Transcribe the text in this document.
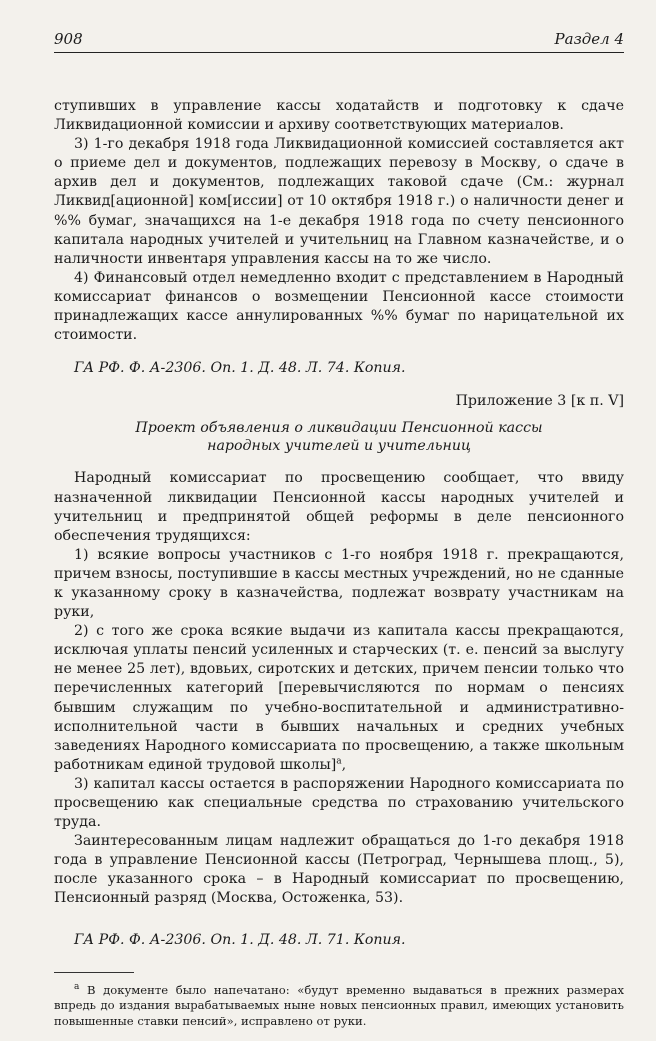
908	Раздел 4

ступивших в управление кассы ходатайств и подготовку к сдаче Ликвидационной комиссии и архиву соответствующих материалов.

3) 1-го декабря 1918 года Ликвидационной комиссией составляется акт о приеме дел и документов, подлежащих перевозу в Москву, о сдаче в архив дел и документов, подлежащих таковой сдаче (См.: журнал Ликвид[ационной] ком[иссии] от 10 октября 1918 г.) о наличности денег и %% бумаг, значащихся на 1-е декабря 1918 года по счету пенсионного капитала народных учителей и учительниц на Главном казначействе, и о наличности инвентаря управления кассы на то же число.

4) Финансовый отдел немедленно входит с представлением в Народный комиссариат финансов о возмещении Пенсионной кассе стоимости принадлежащих кассе аннулированных %% бумаг по нарицательной их стоимости.

ГА РФ. Ф. А-2306. Оп. 1. Д. 48. Л. 74. Копия.

Приложение 3 [к п. V]

Проект объявления о ликвидации Пенсионной кассы
народных учителей и учительниц

Народный комиссариат по просвещению сообщает, что ввиду назначенной ликвидации Пенсионной кассы народных учителей и учительниц и предпринятой общей реформы в деле пенсионного обеспечения трудящихся:

1) всякие вопросы участников с 1-го ноября 1918 г. прекращаются, причем взносы, поступившие в кассы местных учреждений, но не сданные к указанному сроку в казначейства, подлежат возврату участникам на руки,

2) с того же срока всякие выдачи из капитала кассы прекращаются, исключая уплаты пенсий усиленных и старческих (т. е. пенсий за выслугу не менее 25 лет), вдовьих, сиротских и детских, причем пенсии только что перечисленных категорий [перевычисляются по нормам о пенсиях бывшим служащим по учебно-воспитательной и административно-исполнительной части в бывших начальных и средних учебных заведениях Народного комиссариата по просвещению, а также школьным работникам единой трудовой школы]$^а$,

3) капитал кассы остается в распоряжении Народного комиссариата по просвещению как специальные средства по страхованию учительского труда.

Заинтересованным лицам надлежит обращаться до 1-го декабря 1918 года в управление Пенсионной кассы (Петроград, Чернышева площ., 5), после указанного срока – в Народный комиссариат по просвещению, Пенсионный разряд (Москва, Остоженка, 53).

ГА РФ. Ф. А-2306. Оп. 1. Д. 48. Л. 71. Копия.

$^а$ В документе было напечатано: «будут временно выдаваться в прежних размерах впредь до издания вырабатываемых ныне новых пенсионных правил, имеющих установить повышенные ставки пенсий», исправлено от руки.
